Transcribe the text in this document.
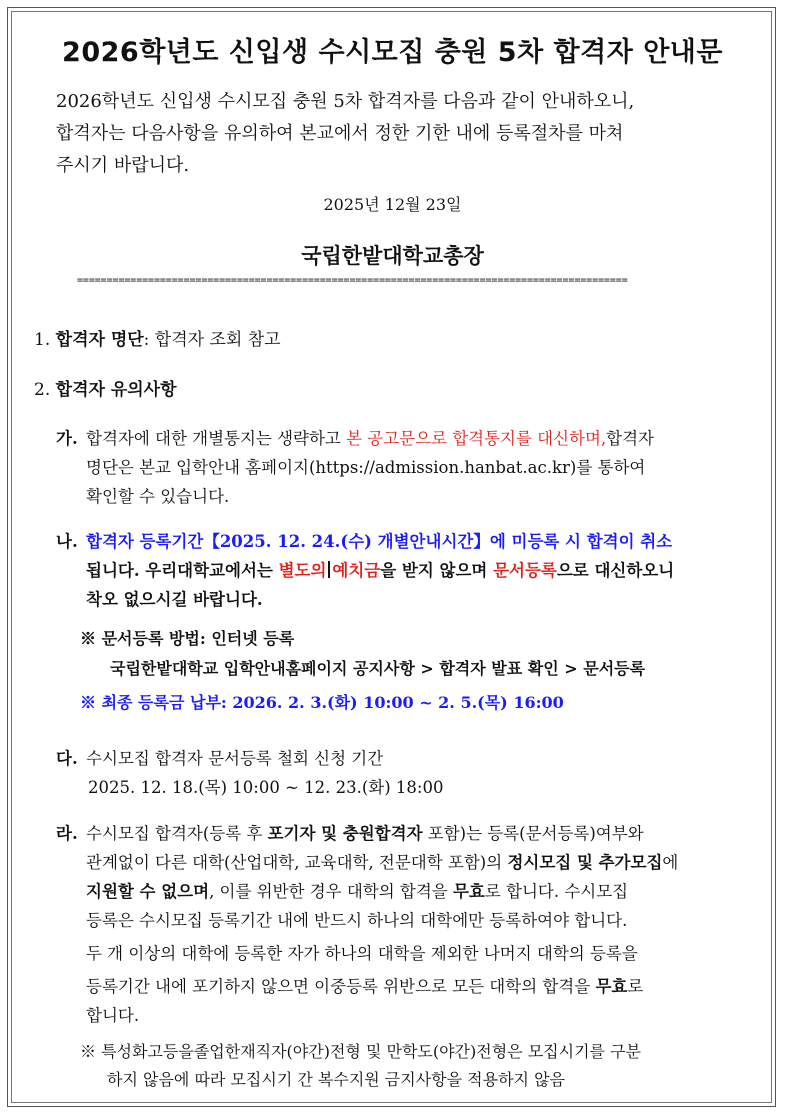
2026학년도 신입생 수시모집 충원 5차 합격자 안내문
2026학년도 신입생 수시모집 충원 5차 합격자를 다음과 같이 안내하오니,
합격자는 다음사항을 유의하여 본교에서 정한 기한 내에 등록절차를 마쳐
주시기 바랍니다.
2025년 12월 23일
국립한밭대학교총장
=============================================================================================
1. 합격자 명단: 합격자 조회 참고
2. 합격자 유의사항
가. 합격자에 대한 개별통지는 생략하고 본 공고문으로 합격통지를 대신하며,합격자
명단은 본교 입학안내 홈페이지(https://admission.hanbat.ac.kr)를 통하여
확인할 수 있습니다.
나. 합격자 등록기간【2025. 12. 24.(수) 개별안내시간】에 미등록 시 합격이 취소
됩니다. 우리대학교에서는 별도의 예치금을 받지 않으며 문서등록으로 대신하오니
착오 없으시길 바랍니다.
※ 문서등록 방법: 인터넷 등록
국립한밭대학교 입학안내홈페이지 공지사항 > 합격자 발표 확인 > 문서등록
※ 최종 등록금 납부: 2026. 2. 3.(화) 10:00 ~ 2. 5.(목) 16:00
다. 수시모집 합격자 문서등록 철회 신청 기간
2025. 12. 18.(목) 10:00 ~ 12. 23.(화) 18:00
라. 수시모집 합격자(등록 후 포기자 및 충원합격자 포함)는 등록(문서등록)여부와
관계없이 다른 대학(산업대학, 교육대학, 전문대학 포함)의 정시모집 및 추가모집에
지원할 수 없으며, 이를 위반한 경우 대학의 합격을 무효로 합니다. 수시모집
등록은 수시모집 등록기간 내에 반드시 하나의 대학에만 등록하여야 합니다.
두 개 이상의 대학에 등록한 자가 하나의 대학을 제외한 나머지 대학의 등록을
등록기간 내에 포기하지 않으면 이중등록 위반으로 모든 대학의 합격을 무효로
합니다.
※ 특성화고등을졸업한재직자(야간)전형 및 만학도(야간)전형은 모집시기를 구분
하지 않음에 따라 모집시기 간 복수지원 금지사항을 적용하지 않음
